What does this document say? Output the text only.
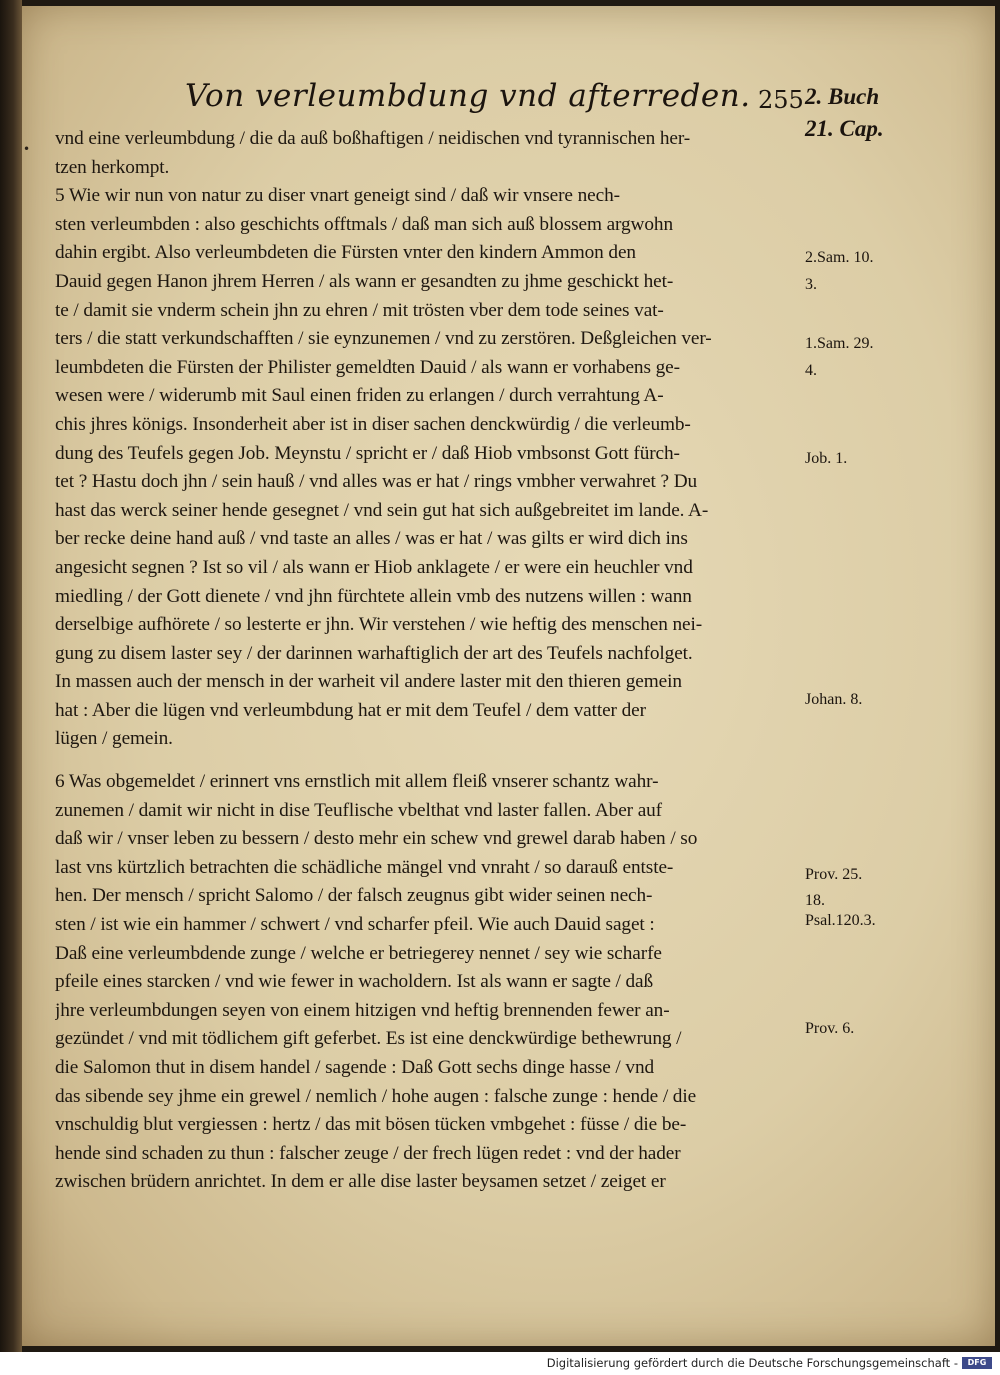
•
Von verleumbdung vnd afterreden. 255 2. Buch
21. Cap.
2.Sam. 10.
3.
1.Sam. 29.
4.
Job. 1.
Johan. 8.
Prov. 25.
18.
Psal.120.3.
Prov. 6.
vnd eine verleumbdung / die da auß boßhaftigen / neidischen vnd tyrannischen her-
tzen herkompt.
5 Wie wir nun von natur zu diser vnart geneigt sind / daß wir vnsere nech-
sten verleumbden : also geschichts offtmals / daß man sich auß blossem argwohn
dahin ergibt. Also verleumbdeten die Fürsten vnter den kindern Ammon den
Dauid gegen Hanon jhrem Herren / als wann er gesandten zu jhme geschickt het-
te / damit sie vnderm schein jhn zu ehren / mit trösten vber dem tode seines vat-
ters / die statt verkundschafften / sie eynzunemen / vnd zu zerstören. Deßgleichen ver-
leumbdeten die Fürsten der Philister gemeldten Dauid / als wann er vorhabens ge-
wesen were / widerumb mit Saul einen friden zu erlangen / durch verrahtung A-
chis jhres königs. Insonderheit aber ist in diser sachen denckwürdig / die verleumb-
dung des Teufels gegen Job. Meynstu / spricht er / daß Hiob vmbsonst Gott fürch-
tet ? Hastu doch jhn / sein hauß / vnd alles was er hat / rings vmbher verwahret ? Du
hast das werck seiner hende gesegnet / vnd sein gut hat sich außgebreitet im lande. A-
ber recke deine hand auß / vnd taste an alles / was er hat / was gilts er wird dich ins
angesicht segnen ? Ist so vil / als wann er Hiob anklagete / er were ein heuchler vnd
miedling / der Gott dienete / vnd jhn fürchtete allein vmb des nutzens willen : wann
derselbige aufhörete / so lesterte er jhn. Wir verstehen / wie heftig des menschen nei-
gung zu disem laster sey / der darinnen warhaftiglich der art des Teufels nachfolget.
In massen auch der mensch in der warheit vil andere laster mit den thieren gemein
hat : Aber die lügen vnd verleumbdung hat er mit dem Teufel / dem vatter der
lügen / gemein.
6 Was obgemeldet / erinnert vns ernstlich mit allem fleiß vnserer schantz wahr-
zunemen / damit wir nicht in dise Teuflische vbelthat vnd laster fallen. Aber auf
daß wir / vnser leben zu bessern / desto mehr ein schew vnd grewel darab haben / so
last vns kürtzlich betrachten die schädliche mängel vnd vnraht / so darauß entste-
hen. Der mensch / spricht Salomo / der falsch zeugnus gibt wider seinen nech-
sten / ist wie ein hammer / schwert / vnd scharfer pfeil. Wie auch Dauid saget :
Daß eine verleumbdende zunge / welche er betriegerey nennet / sey wie scharfe
pfeile eines starcken / vnd wie fewer in wacholdern. Ist als wann er sagte / daß
jhre verleumbdungen seyen von einem hitzigen vnd heftig brennenden fewer an-
gezündet / vnd mit tödlichem gift geferbet. Es ist eine denckwürdige bethewrung /
die Salomon thut in disem handel / sagende : Daß Gott sechs dinge hasse / vnd
das sibende sey jhme ein grewel / nemlich / hohe augen : falsche zunge : hende / die
vnschuldig blut vergiessen : hertz / das mit bösen tücken vmbgehet : füsse / die be-
hende sind schaden zu thun : falscher zeuge / der frech lügen redet : vnd der hader
zwischen brüdern anrichtet. In dem er alle dise laster beysamen setzet / zeiget er
Digitalisierung gefördert durch die Deutsche Forschungsgemeinschaft -	DFG
